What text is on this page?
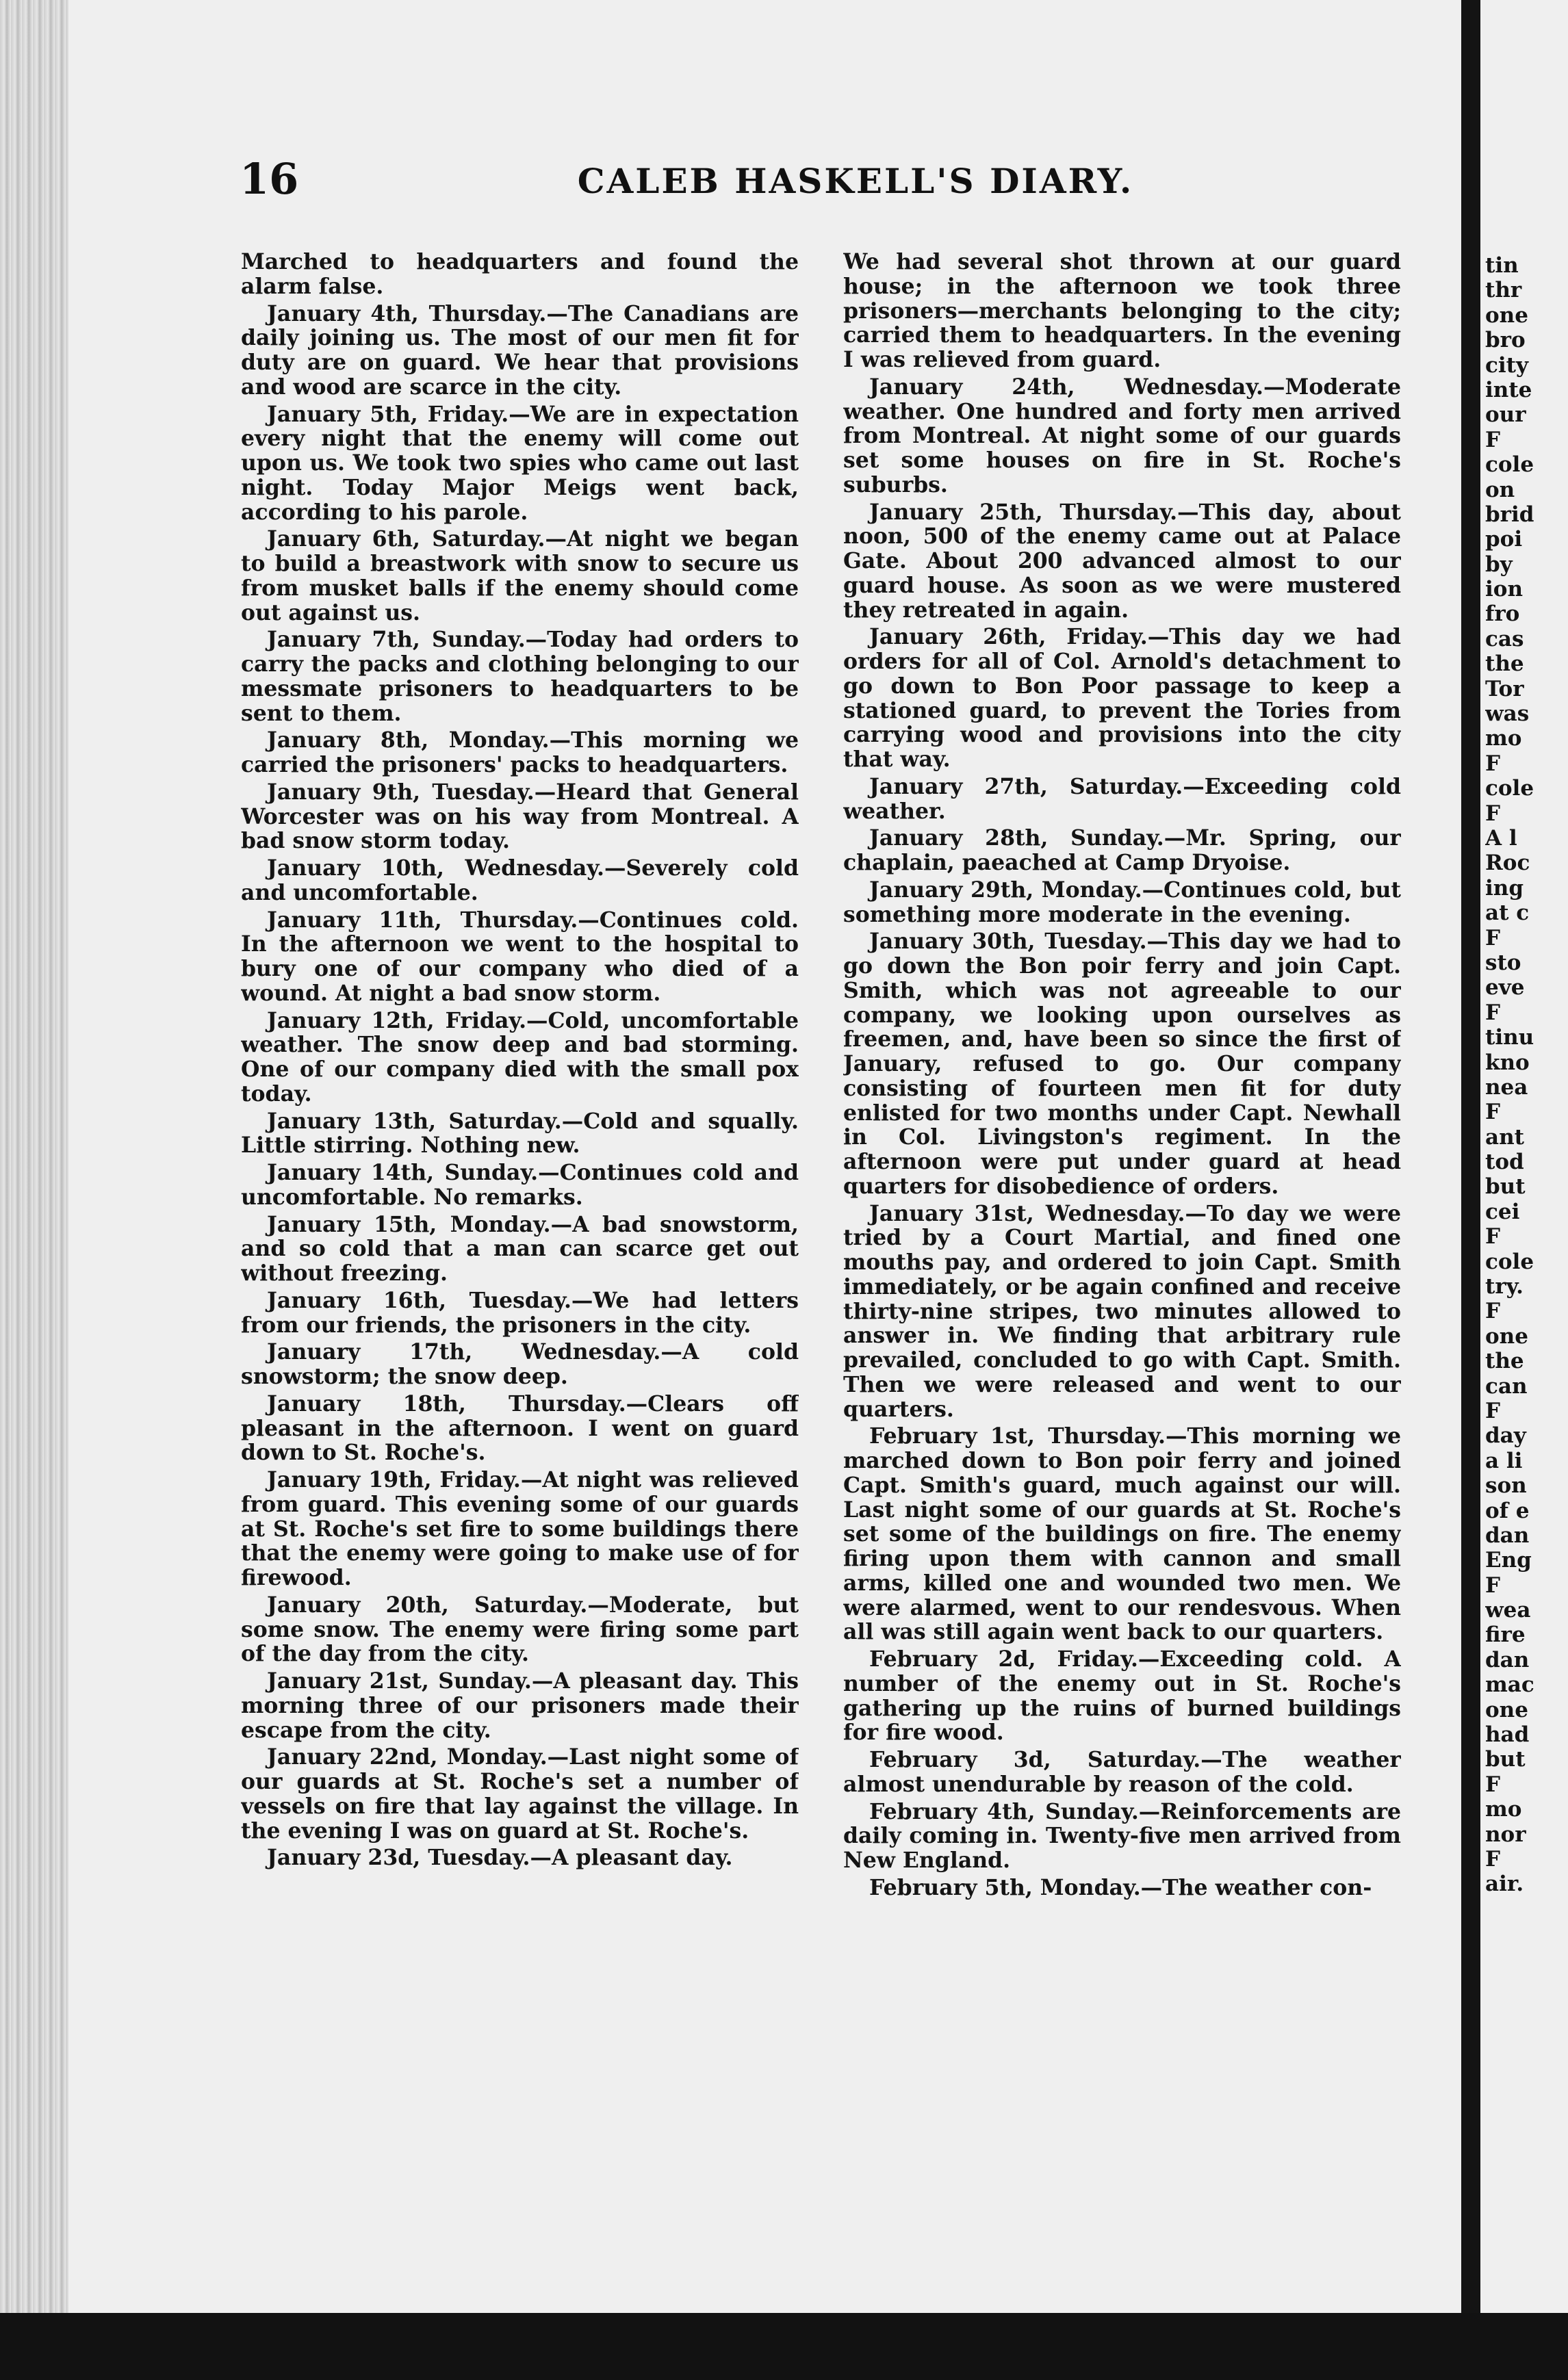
16	CALEB HASKELL'S DIARY.

Marched to headquarters and found the alarm false.

January 4th, Thursday.—The Canadians are daily joining us. The most of our men fit for duty are on guard. We hear that provisions and wood are scarce in the city.

January 5th, Friday.—We are in expectation every night that the enemy will come out upon us. We took two spies who came out last night. Today Major Meigs went back, according to his parole.

January 6th, Saturday.—At night we began to build a breastwork with snow to secure us from musket balls if the enemy should come out against us.

January 7th, Sunday.—Today had orders to carry the packs and clothing belonging to our messmate prisoners to headquarters to be sent to them.

January 8th, Monday.—This morning we carried the prisoners' packs to headquarters.

January 9th, Tuesday.—Heard that General Worcester was on his way from Montreal. A bad snow storm today.

January 10th, Wednesday.—Severely cold and uncomfortable.

January 11th, Thursday.—Continues cold. In the afternoon we went to the hospital to bury one of our company who died of a wound. At night a bad snow storm.

January 12th, Friday.—Cold, uncomfortable weather. The snow deep and bad storming. One of our company died with the small pox today.

January 13th, Saturday.—Cold and squally. Little stirring. Nothing new.

January 14th, Sunday.—Continues cold and uncomfortable. No remarks.

January 15th, Monday.—A bad snowstorm, and so cold that a man can scarce get out without freezing.

January 16th, Tuesday.—We had letters from our friends, the prisoners in the city.

January 17th, Wednesday.—A cold snowstorm; the snow deep.

January 18th, Thursday.—Clears off pleasant in the afternoon. I went on guard down to St. Roche's.

January 19th, Friday.—At night was relieved from guard. This evening some of our guards at St. Roche's set fire to some buildings there that the enemy were going to make use of for firewood.

January 20th, Saturday.—Moderate, but some snow. The enemy were firing some part of the day from the city.

January 21st, Sunday.—A pleasant day. This morning three of our prisoners made their escape from the city.

January 22nd, Monday.—Last night some of our guards at St. Roche's set a number of vessels on fire that lay against the village. In the evening I was on guard at St. Roche's.

January 23d, Tuesday.—A pleasant day.

We had several shot thrown at our guard house; in the afternoon we took three prisoners—merchants belonging to the city; carried them to headquarters. In the evening I was relieved from guard.

January 24th, Wednesday.—Moderate weather. One hundred and forty men arrived from Montreal. At night some of our guards set some houses on fire in St. Roche's suburbs.

January 25th, Thursday.—This day, about noon, 500 of the enemy came out at Palace Gate. About 200 advanced almost to our guard house. As soon as we were mustered they retreated in again.

January 26th, Friday.—This day we had orders for all of Col. Arnold's detachment to go down to Bon Poor passage to keep a stationed guard, to prevent the Tories from carrying wood and provisions into the city that way.

January 27th, Saturday.—Exceeding cold weather.

January 28th, Sunday.—Mr. Spring, our chaplain, paeached at Camp Dryoise.

January 29th, Monday.—Continues cold, but something more moderate in the evening.

January 30th, Tuesday.—This day we had to go down the Bon poir ferry and join Capt. Smith, which was not agreeable to our company, we looking upon ourselves as freemen, and, have been so since the first of January, refused to go. Our company consisting of fourteen men fit for duty enlisted for two months under Capt. Newhall in Col. Livingston's regiment. In the afternoon were put under guard at head quarters for disobedience of orders.

January 31st, Wednesday.—To day we were tried by a Court Martial, and fined one mouths pay, and ordered to join Capt. Smith immediately, or be again confined and receive thirty-nine stripes, two minutes allowed to answer in. We finding that arbitrary rule prevailed, concluded to go with Capt. Smith. Then we were released and went to our quarters.

February 1st, Thursday.—This morning we marched down to Bon poir ferry and joined Capt. Smith's guard, much against our will. Last night some of our guards at St. Roche's set some of the buildings on fire. The enemy firing upon them with cannon and small arms, killed one and wounded two men. We were alarmed, went to our rendesvous. When all was still again went back to our quarters.

February 2d, Friday.—Exceeding cold. A number of the enemy out in St. Roche's gathering up the ruins of burned buildings for fire wood.

February 3d, Saturday.—The weather almost unendurable by reason of the cold.

February 4th, Sunday.—Reinforcements are daily coming in. Twenty-five men arrived from New England.

February 5th, Monday.—The weather con-

tin
thr
one
bro
city
inte
our
F
cole
on
brid
poi
by
ion
fro
cas
the
Tor
was
mo
F
cole
F
A l
Roc
ing
at c
F
sto
eve
F
tinu
kno
nea
F
ant
tod
but
cei
F
cole
try.
F
one
the
can
F
day
a li
son
of e
dan
Eng
F
wea
fire
dan
mac
one
had
but
F
mo
nor
F
air.
